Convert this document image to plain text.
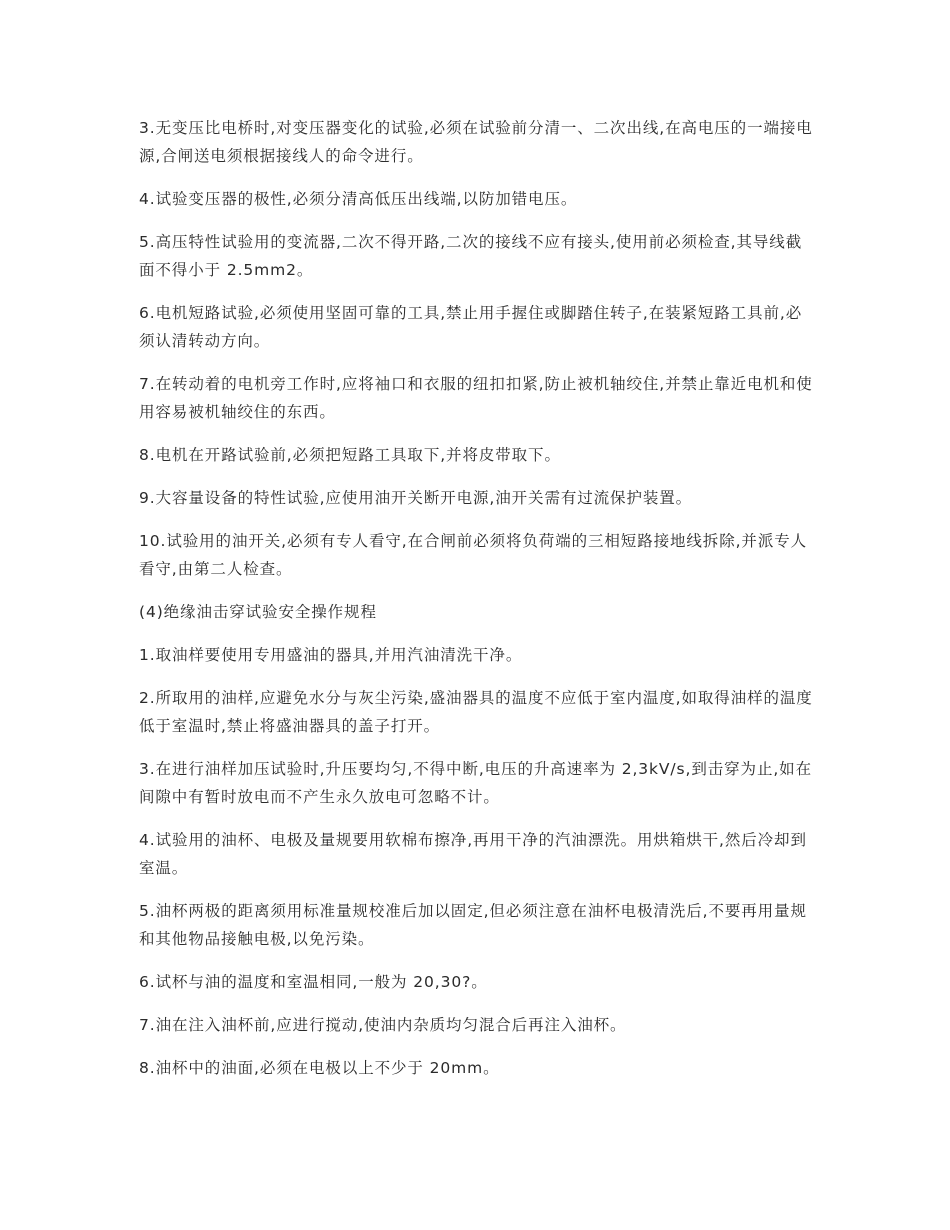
3.无变压比电桥时,对变压器变化的试验,必须在试验前分清一、二次出线,在高电压的一端接电源,合闸送电须根据接线人的命令进行。

4.试验变压器的极性,必须分清高低压出线端,以防加错电压。

5.高压特性试验用的变流器,二次不得开路,二次的接线不应有接头,使用前必须检查,其导线截面不得小于 2.5mm2。

6.电机短路试验,必须使用坚固可靠的工具,禁止用手握住或脚踏住转子,在装紧短路工具前,必须认清转动方向。

7.在转动着的电机旁工作时,应将袖口和衣服的纽扣扣紧,防止被机轴绞住,并禁止靠近电机和使用容易被机轴绞住的东西。

8.电机在开路试验前,必须把短路工具取下,并将皮带取下。

9.大容量设备的特性试验,应使用油开关断开电源,油开关需有过流保护装置。

10.试验用的油开关,必须有专人看守,在合闸前必须将负荷端的三相短路接地线拆除,并派专人看守,由第二人检查。

(4)绝缘油击穿试验安全操作规程

1.取油样要使用专用盛油的器具,并用汽油清洗干净。

2.所取用的油样,应避免水分与灰尘污染,盛油器具的温度不应低于室内温度,如取得油样的温度低于室温时,禁止将盛油器具的盖子打开。

3.在进行油样加压试验时,升压要均匀,不得中断,电压的升高速率为 2,3kV/s,到击穿为止,如在间隙中有暂时放电而不产生永久放电可忽略不计。

4.试验用的油杯、电极及量规要用软棉布擦净,再用干净的汽油漂洗。用烘箱烘干,然后冷却到室温。

5.油杯两极的距离须用标准量规校准后加以固定,但必须注意在油杯电极清洗后,不要再用量规和其他物品接触电极,以免污染。

6.试杯与油的温度和室温相同,一般为 20,30?。

7.油在注入油杯前,应进行搅动,使油内杂质均匀混合后再注入油杯。

8.油杯中的油面,必须在电极以上不少于 20mm。
